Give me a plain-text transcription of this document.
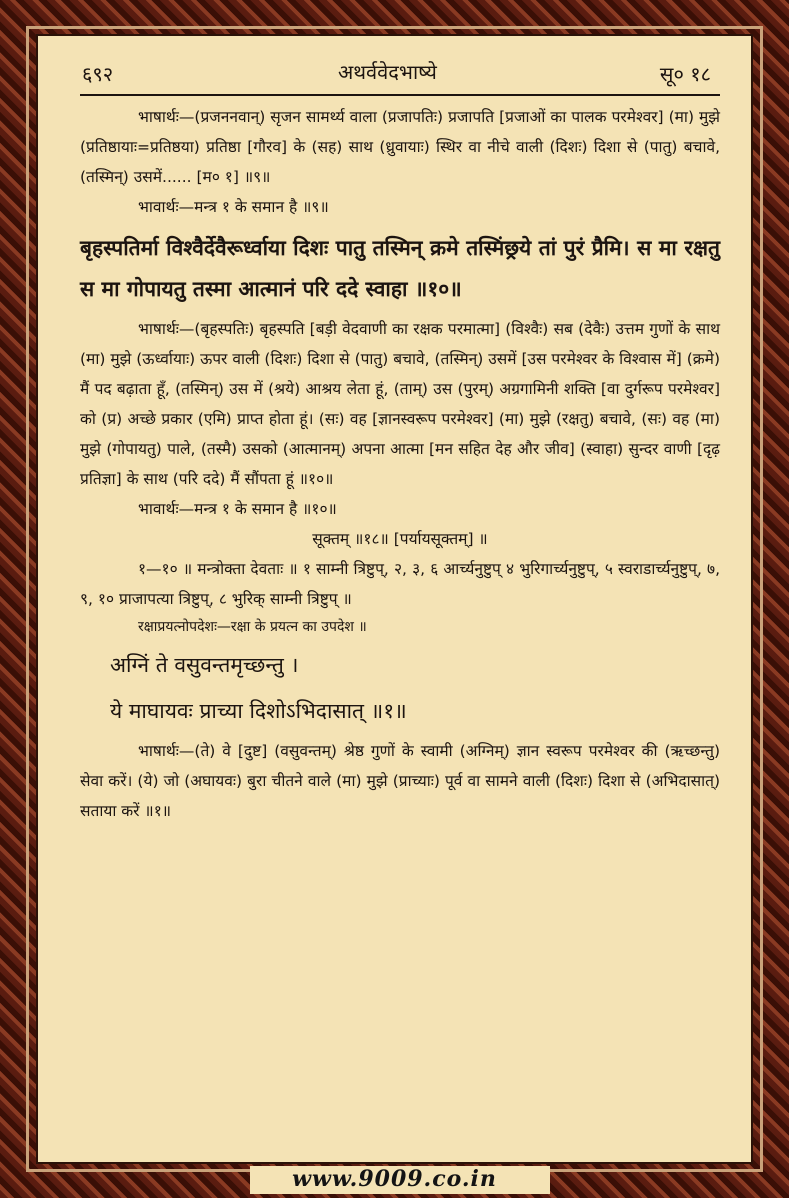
६९२	अथर्ववेदभाष्ये	सू० १८

भाषार्थः—(प्रजननवान्) सृजन सामर्थ्य वाला (प्रजापतिः) प्रजापति [प्रजाओं का पालक परमेश्वर] (मा) मुझे (प्रतिष्ठायाः=प्रतिष्ठया) प्रतिष्ठा [गौरव] के (सह) साथ (ध्रुवायाः) स्थिर वा नीचे वाली (दिशः) दिशा से (पातु) बचावे, (तस्मिन्) उसमें...... [म० १] ॥९॥

भावार्थः—मन्त्र १ के समान है ॥९॥

बृहस्पतिर्मा विश्वैर्देवैरूर्ध्वाया दिशः पातु तस्मिन् क्रमे तस्मिंछ्रये तां पुरं प्रैमि। स मा रक्षतु स मा गोपायतु तस्मा आत्मानं परि ददे स्वाहा ॥१०॥

भाषार्थः—(बृहस्पतिः) बृहस्पति [बड़ी वेदवाणी का रक्षक परमात्मा] (विश्वैः) सब (देवैः) उत्तम गुणों के साथ (मा) मुझे (ऊर्ध्वायाः) ऊपर वाली (दिशः) दिशा से (पातु) बचावे, (तस्मिन्) उसमें [उस परमेश्वर के विश्वास में] (क्रमे) मैं पद बढ़ाता हूँ, (तस्मिन्) उस में (श्रये) आश्रय लेता हूं, (ताम्) उस (पुरम्) अग्रगामिनी शक्ति [वा दुर्गरूप परमेश्वर] को (प्र) अच्छे प्रकार (एमि) प्राप्त होता हूं। (सः) वह [ज्ञानस्वरूप परमेश्वर] (मा) मुझे (रक्षतु) बचावे, (सः) वह (मा) मुझे (गोपायतु) पाले, (तस्मै) उसको (आत्मानम्) अपना आत्मा [मन सहित देह और जीव] (स्वाहा) सुन्दर वाणी [दृढ़ प्रतिज्ञा] के साथ (परि ददे) मैं सौंपता हूं ॥१०॥

भावार्थः—मन्त्र १ के समान है ॥१०॥

सूक्तम् ॥१८॥ [पर्यायसूक्तम्] ॥

१—१० ॥ मन्त्रोक्ता देवताः ॥ १ साम्नी त्रिष्टुप्, २, ३, ६ आर्च्यनुष्टुप् ४ भुरिगार्च्यनुष्टुप्, ५ स्वराडार्च्यनुष्टुप्, ७, ९, १० प्राजापत्या त्रिष्टुप्, ८ भुरिक् साम्नी त्रिष्टुप् ॥

रक्षाप्रयत्नोपदेशः—रक्षा के प्रयत्न का उपदेश ॥

अग्निं ते वसुवन्तमृच्छन्तु ।

ये माघायवः प्राच्या दिशोऽभिदासात् ॥१॥

भाषार्थः—(ते) वे [दुष्ट] (वसुवन्तम्) श्रेष्ठ गुणों के स्वामी (अग्निम्) ज्ञान स्वरूप परमेश्वर की (ऋच्छन्तु) सेवा करें। (ये) जो (अघायवः) बुरा चीतने वाले (मा) मुझे (प्राच्याः) पूर्व वा सामने वाली (दिशः) दिशा से (अभिदासात्) सताया करें ॥१॥

www.9009.co.in
